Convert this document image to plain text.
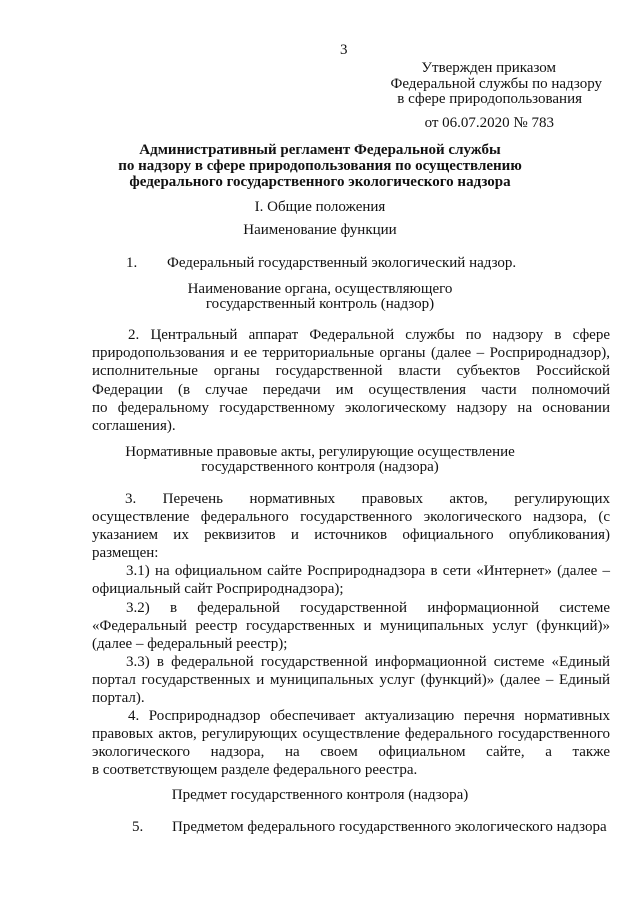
3
Утвержден приказом
Федеральной службы по надзору
в сфере природопользования
от 06.07.2020 № 783
Административный регламент Федеральной службы
по надзору в сфере природопользования по осуществлению
федерального государственного экологического надзора
I. Общие положения
Наименование функции
1. Федеральный государственный экологический надзор.
Наименование органа, осуществляющего
государственный контроль (надзор)
2. Центральный аппарат Федеральной службы по надзору в сфере
природопользования и ее территориальные органы (далее – Росприроднадзор),
исполнительные органы государственной власти субъектов Российской
Федерации (в случае передачи им осуществления части полномочий
по федеральному государственному экологическому надзору на основании
соглашения).
Нормативные правовые акты, регулирующие осуществление
государственного контроля (надзора)
3. Перечень нормативных правовых актов, регулирующих
осуществление федерального государственного экологического надзора, (с
указанием их реквизитов и источников официального опубликования)
размещен:
3.1) на официальном сайте Росприроднадзора в сети «Интернет» (далее –
официальный сайт Росприроднадзора);
3.2) в федеральной государственной информационной системе
«Федеральный реестр государственных и муниципальных услуг (функций)»
(далее – федеральный реестр);
3.3) в федеральной государственной информационной системе «Единый
портал государственных и муниципальных услуг (функций)» (далее – Единый
портал).
4. Росприроднадзор обеспечивает актуализацию перечня нормативных
правовых актов, регулирующих осуществление федерального государственного
экологического надзора, на своем официальном сайте, а также
в соответствующем разделе федерального реестра.
Предмет государственного контроля (надзора)
5. Предметом федерального государственного экологического надзора
